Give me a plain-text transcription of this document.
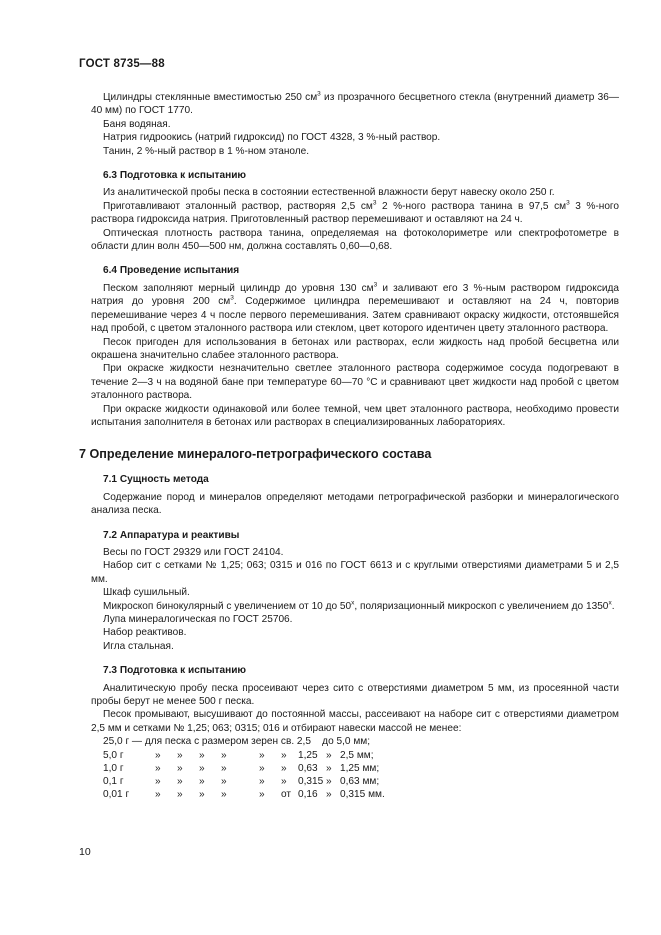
ГОСТ 8735—88

Цилиндры стеклянные вместимостью 250 $см^3$ из прозрачного бесцветного стекла (внутренний диаметр 36—40 мм) по ГОСТ 1770.

Баня водяная.

Натрия гидроокись (натрий гидроксид) по ГОСТ 4328, 3 %-ный раствор.

Танин, 2 %-ный раствор в 1 %-ном этаноле.

6.3 Подготовка к испытанию

Из аналитической пробы песка в состоянии естественной влажности берут навеску около 250 г.

Приготавливают эталонный раствор, растворяя 2,5 $см^3$ 2 %-ного раствора танина в 97,5 $см^3$ 3 %-ного раствора гидроксида натрия. Приготовленный раствор перемешивают и оставляют на 24 ч.

Оптическая плотность раствора танина, определяемая на фотоколориметре или спектрофотометре в области длин волн 450—500 нм, должна составлять 0,60—0,68.

6.4 Проведение испытания

Песком заполняют мерный цилиндр до уровня 130 $см^3$ и заливают его 3 %-ным раствором гидроксида натрия до уровня 200 $см^3$. Содержимое цилиндра перемешивают и оставляют на 24 ч, повторив перемешивание через 4 ч после первого перемешивания. Затем сравнивают окраску жидкости, отстоявшейся над пробой, с цветом эталонного раствора или стеклом, цвет которого идентичен цвету эталонного раствора.

Песок пригоден для использования в бетонах или растворах, если жидкость над пробой бесцветна или окрашена значительно слабее эталонного раствора.

При окраске жидкости незначительно светлее эталонного раствора содержимое сосуда подогревают в течение 2—3 ч на водяной бане при температуре 60—70 °С и сравнивают цвет жидкости над пробой с цветом эталонного раствора.

При окраске жидкости одинаковой или более темной, чем цвет эталонного раствора, необходимо провести испытания заполнителя в бетонах или растворах в специализированных лабораториях.

7 Определение минералого-петрографического состава
7.1 Сущность метода

Содержание пород и минералов определяют методами петрографической разборки и минералогического анализа песка.

7.2 Аппаратура и реактивы

Весы по ГОСТ 29329 или ГОСТ 24104.

Набор сит с сетками № 1,25; 063; 0315 и 016 по ГОСТ 6613 и с круглыми отверстиями диаметрами 5 и 2,5 мм.

Шкаф сушильный.

Микроскоп бинокулярный с увеличением от 10 до $50^х$, поляризационный микроскоп с увеличением до $1350^х$.

Лупа минералогическая по ГОСТ 25706.

Набор реактивов.

Игла стальная.

7.3 Подготовка к испытанию

Аналитическую пробу песка просеивают через сито с отверстиями диаметром 5 мм, из просеянной части пробы берут не менее 500 г песка.

Песок промывают, высушивают до постоянной массы, рассеивают на наборе сит с отверстиями диаметром 2,5 мм и сетками № 1,25; 063; 0315; 016 и отбирают навески массой не менее:

25,0 г — для песка с размером зерен св. 2,5    до 5,0 мм;

5,0 г	»	»	»	»	»	»	1,25	»	2,5 мм;
1,0 г	»	»	»	»	»	»	0,63	»	1,25 мм;
0,1 г	»	»	»	»	»	»	0,315	»	0,63 мм;
0,01 г	»	»	»	»	»	от	0,16	»	0,315 мм.
10
